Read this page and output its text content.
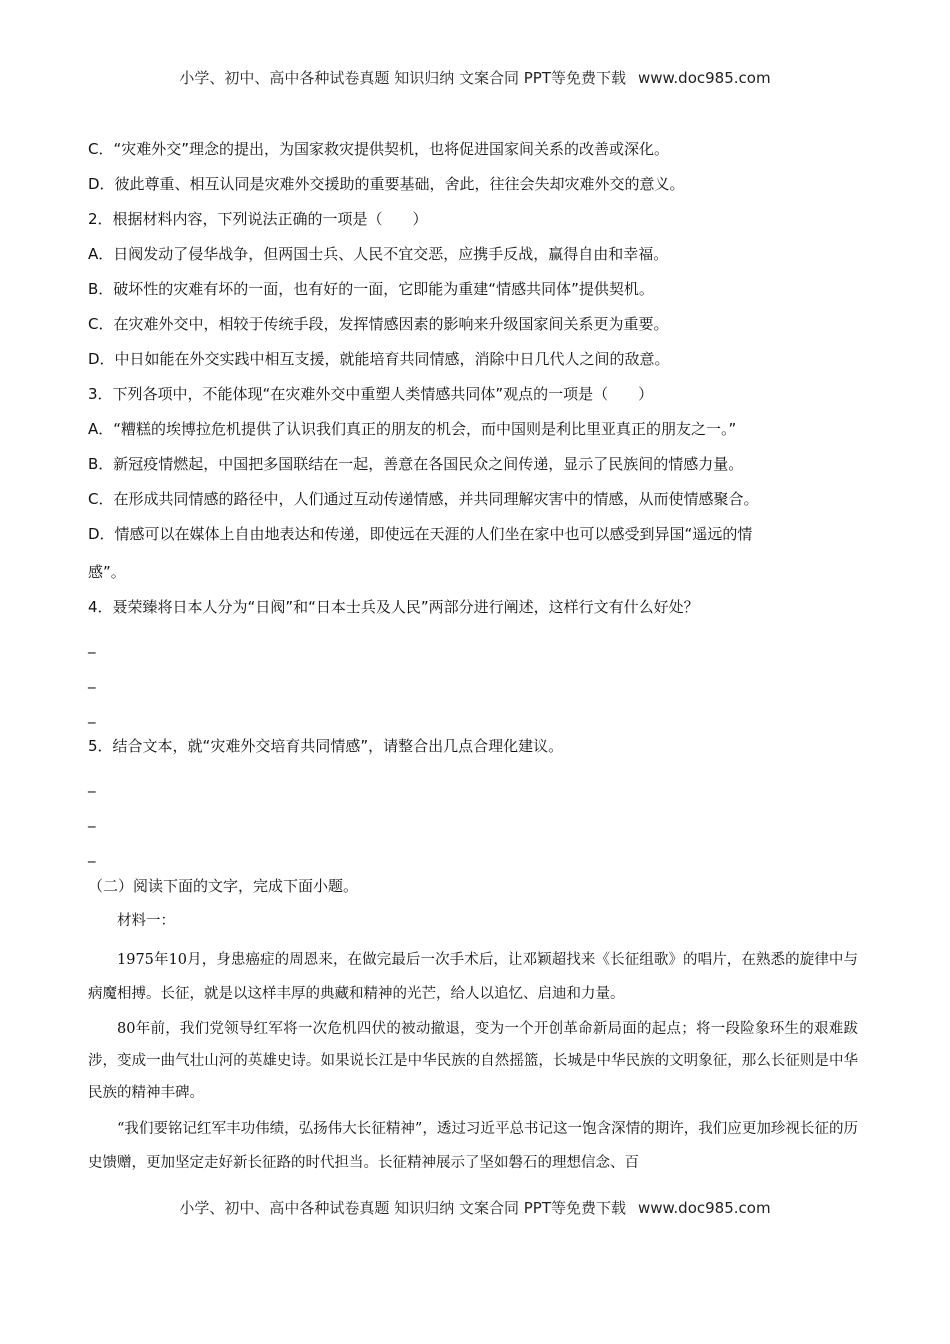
小学、初中、高中各种试卷真题 知识归纳 文案合同 PPT等免费下载 www.doc985.com
C．“灾难外交”理念的提出，为国家救灾提供契机，也将促进国家间关系的改善或深化。
D．彼此尊重、相互认同是灾难外交援助的重要基础，舍此，往往会失却灾难外交的意义。
2．根据材料内容，下列说法正确的一项是（　　）
A．日阀发动了侵华战争，但两国士兵、人民不宜交恶，应携手反战，赢得自由和幸福。
B．破坏性的灾难有坏的一面，也有好的一面，它即能为重建“情感共同体”提供契机。
C．在灾难外交中，相较于传统手段，发挥情感因素的影响来升级国家间关系更为重要。
D．中日如能在外交实践中相互支援，就能培育共同情感，消除中日几代人之间的敌意。
3．下列各项中，不能体现“在灾难外交中重塑人类情感共同体”观点的一项是（　　）
A．“糟糕的埃博拉危机提供了认识我们真正的朋友的机会，而中国则是利比里亚真正的朋友之一。”
B．新冠疫情燃起，中国把多国联结在一起，善意在各国民众之间传递，显示了民族间的情感力量。
C．在形成共同情感的路径中，人们通过互动传递情感，并共同理解灾害中的情感，从而使情感聚合。
D．情感可以在媒体上自由地表达和传递，即使远在天涯的人们坐在家中也可以感受到异国“遥远的情
感”。
4．聂荣臻将日本人分为“日阀”和“日本士兵及人民”两部分进行阐述，这样行文有什么好处？
_
_
_
5．结合文本，就“灾难外交培育共同情感”，请整合出几点合理化建议。
_
_
_
（二）阅读下面的文字，完成下面小题。

材料一：

1975年10月，身患癌症的周恩来，在做完最后一次手术后，让邓颖超找来《长征组歌》的唱片，在熟悉的旋律中与病魔相搏。长征，就是以这样丰厚的典藏和精神的光芒，给人以追忆、启迪和力量。

80年前，我们党领导红军将一次危机四伏的被动撤退，变为一个开创革命新局面的起点；将一段险象环生的艰难跋涉，变成一曲气壮山河的英雄史诗。如果说长江是中华民族的自然摇篮，长城是中华民族的文明象征，那么长征则是中华民族的精神丰碑。

“我们要铭记红军丰功伟绩，弘扬伟大长征精神”，透过习近平总书记这一饱含深情的期许，我们应更加珍视长征的历史馈赠，更加坚定走好新长征路的时代担当。长征精神展示了坚如磐石的理想信念、百

小学、初中、高中各种试卷真题 知识归纳 文案合同 PPT等免费下载 www.doc985.com
